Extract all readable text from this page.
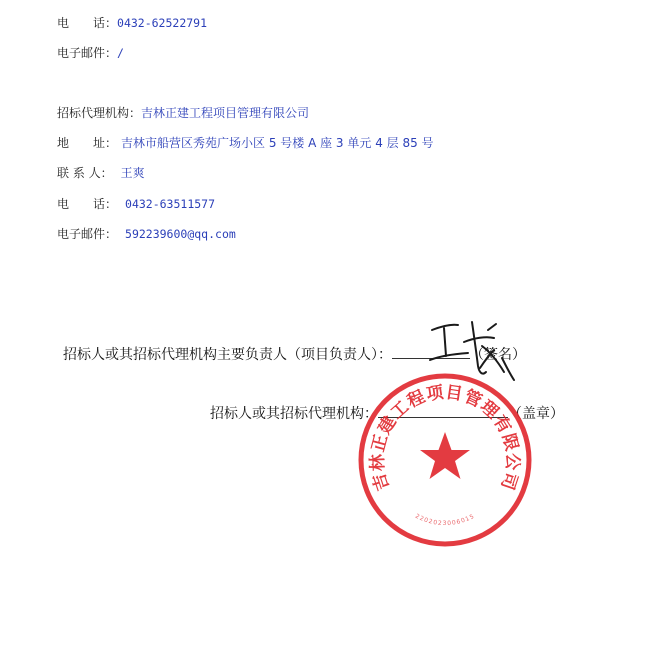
电　　话：0432-62522791
电子邮件：/
招标代理机构：吉林正建工程项目管理有限公司
地　　址： 吉林市船营区秀苑广场小区 5 号楼 A 座 3 单元 4 层 85 号
联 系 人： 王爽
电　　话： 0432-63511577
电子邮件： 592239600@qq.com
招标人或其招标代理机构主要负责人（项目负责人）：	（签名）
招标人或其招标代理机构：	（盖章）
吉林正建工程项目管理有限公司
2202023006015
